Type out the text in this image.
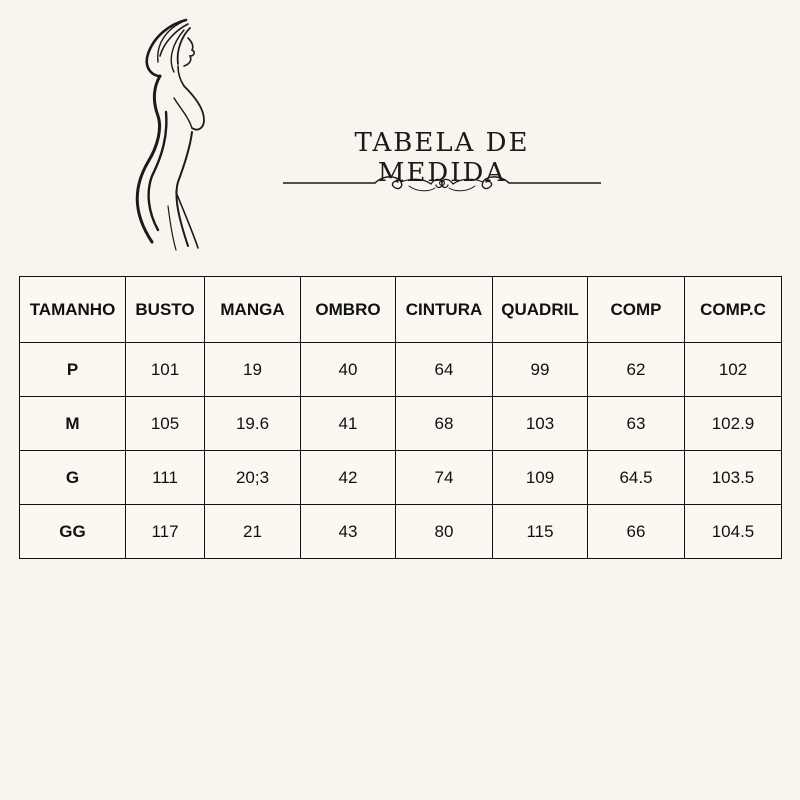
TABELA DE MEDIDA
TAMANHO	BUSTO	MANGA	OMBRO	CINTURA	QUADRIL	COMP	COMP.C
P	101	19	40	64	99	62	102
M	105	19.6	41	68	103	63	102.9
G	111	20;3	42	74	109	64.5	103.5
GG	117	21	43	80	115	66	104.5
